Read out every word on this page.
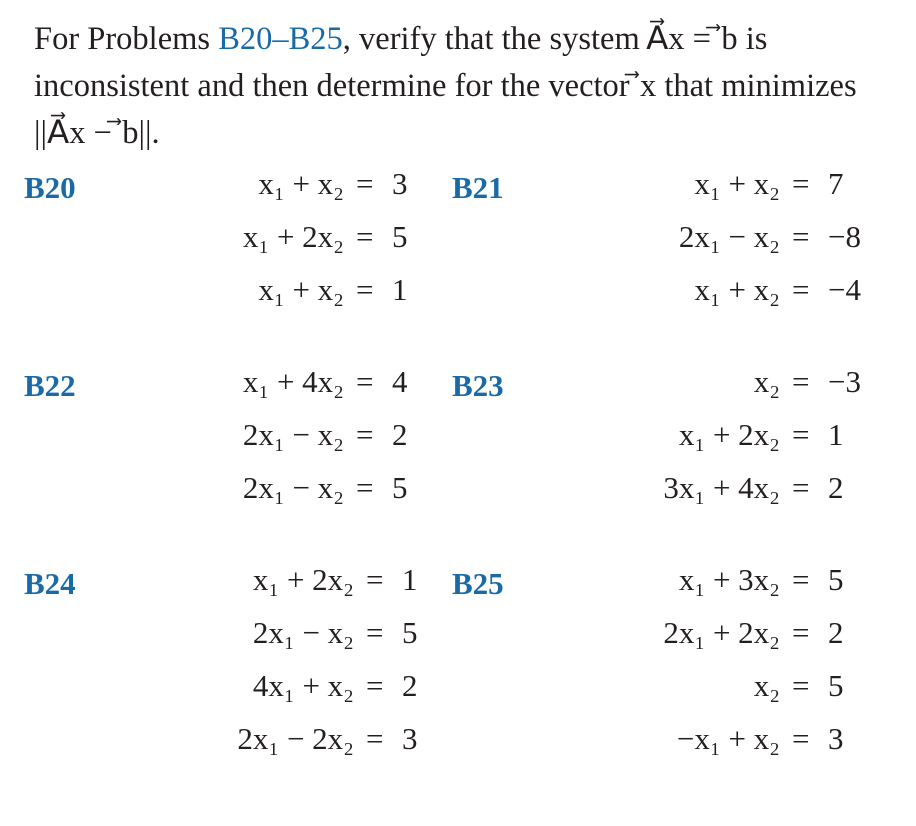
For Problems B20–B25, verify that the system A⃗x = ⃗b is inconsistent and then determine for the vector ⃗x that minimizes ||A⃗x − ⃗b||.
B20	x₁ + x₂ = 3
x₁ + 2x₂ = 5
x₁ + x₂ = 1
B21	x₁ + x₂ = 7
2x₁ − x₂ = −8
x₁ + x₂ = −4
B22	x₁ + 4x₂ = 4
2x₁ − x₂ = 2
2x₁ − x₂ = 5
B23	x₂ = −3
x₁ + 2x₂ = 1
3x₁ + 4x₂ = 2
B24	x₁ + 2x₂ = 1
2x₁ − x₂ = 5
4x₁ + x₂ = 2
2x₁ − 2x₂ = 3
B25	x₁ + 3x₂ = 5
2x₁ + 2x₂ = 2
x₂ = 5
−x₁ + x₂ = 3
